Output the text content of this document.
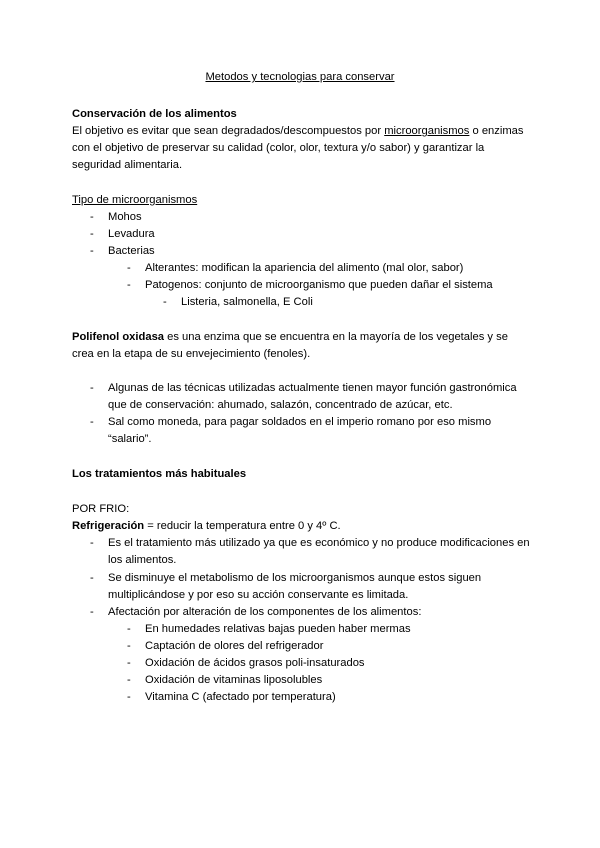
Metodos y tecnologias para conservar
Conservación de los alimentos
El objetivo es evitar que sean degradados/descompuestos por microorganismos o enzimas
con el objetivo de preservar su calidad (color, olor, textura y/o sabor) y garantizar la
seguridad alimentaria.
Tipo de microorganismos
- Mohos
- Levadura
- Bacterias
- Alterantes: modifican la apariencia del alimento (mal olor, sabor)
- Patogenos: conjunto de microorganismo que pueden dañar el sistema
- Listeria, salmonella, E Coli
Polifenol oxidasa es una enzima que se encuentra en la mayoría de los vegetales y se
crea en la etapa de su envejecimiento (fenoles).
- Algunas de las técnicas utilizadas actualmente tienen mayor función gastronómica
que de conservación: ahumado, salazón, concentrado de azúcar, etc.
- Sal como moneda, para pagar soldados en el imperio romano por eso mismo
“salario”.
Los tratamientos más habituales
POR FRIO:
Refrigeración = reducir la temperatura entre 0 y 4º C.
- Es el tratamiento más utilizado ya que es económico y no produce modificaciones en
los alimentos.
- Se disminuye el metabolismo de los microorganismos aunque estos siguen
multiplicándose y por eso su acción conservante es limitada.
- Afectación por alteración de los componentes de los alimentos:
- En humedades relativas bajas pueden haber mermas
- Captación de olores del refrigerador
- Oxidación de ácidos grasos poli-insaturados
- Oxidación de vitaminas liposolubles
- Vitamina C (afectado por temperatura)
